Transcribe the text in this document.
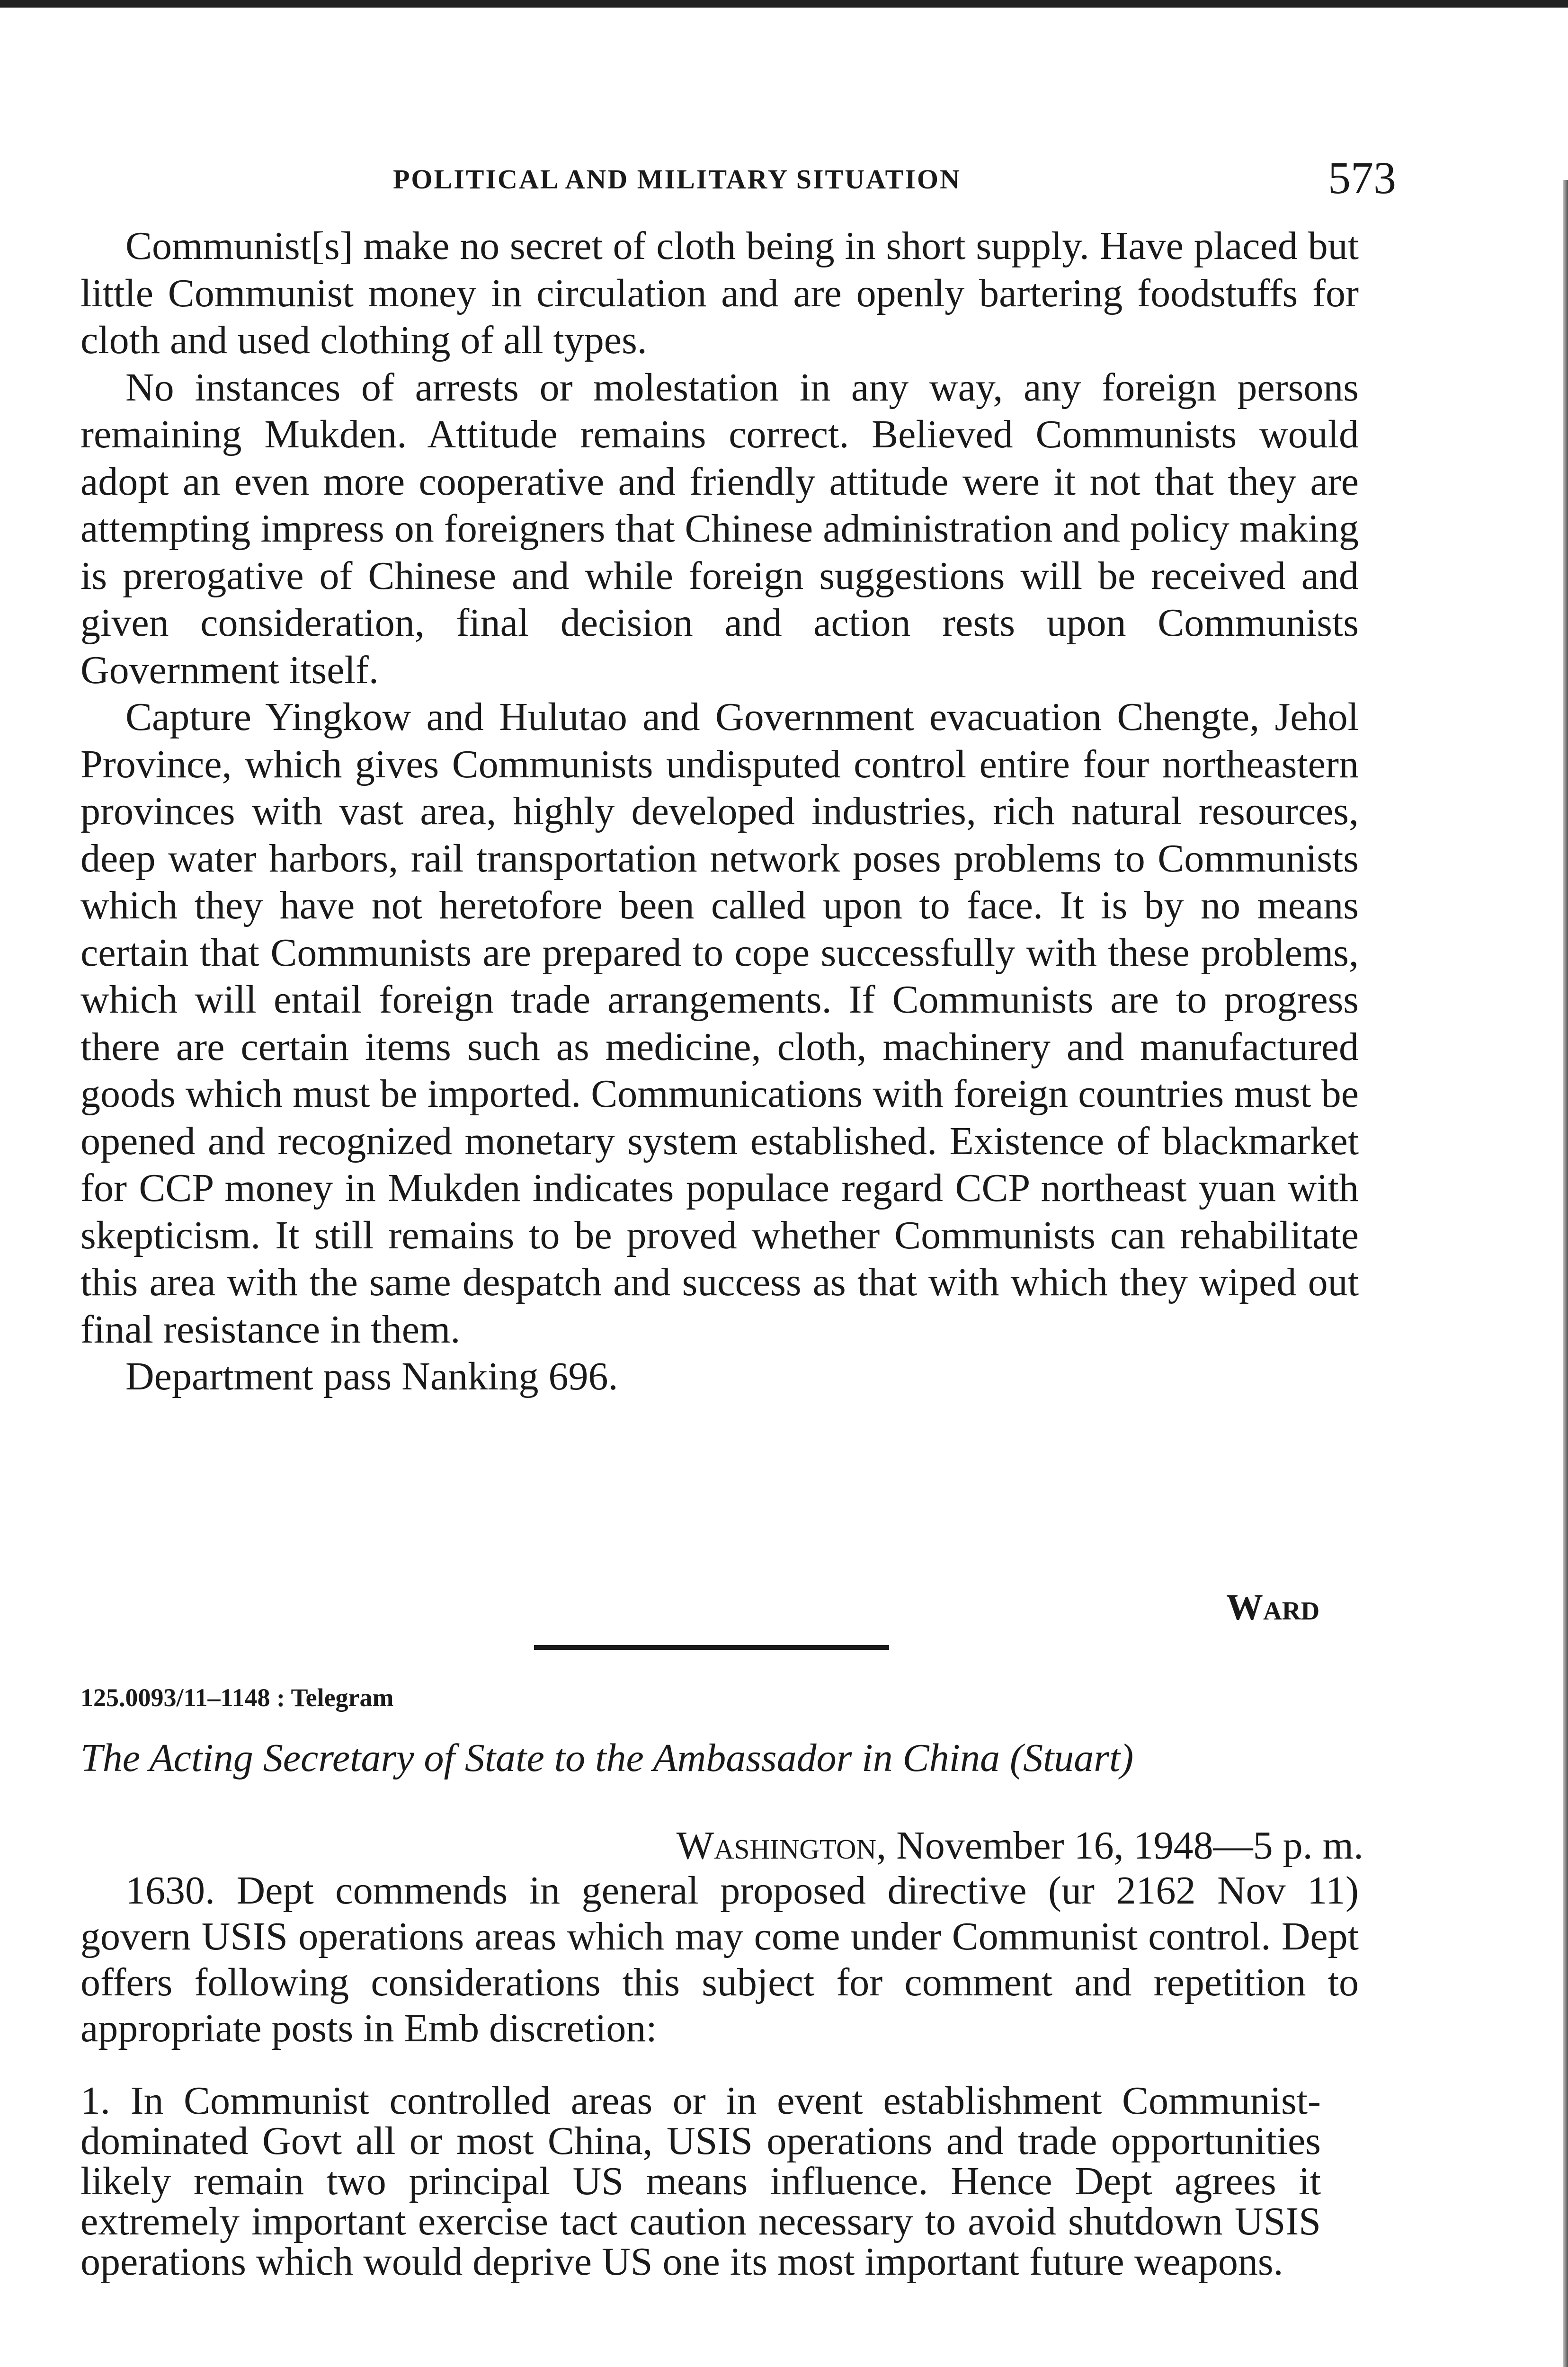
POLITICAL AND MILITARY SITUATION	573

Communist[s] make no secret of cloth being in short supply. Have placed but little Communist money in circulation and are openly bartering foodstuffs for cloth and used clothing of all types.

No instances of arrests or molestation in any way, any foreign persons remaining Mukden. Attitude remains correct. Believed Communists would adopt an even more cooperative and friendly attitude were it not that they are attempting impress on foreigners that Chinese administration and policy making is prerogative of Chinese and while foreign suggestions will be received and given consideration, final decision and action rests upon Communists Government itself.

Capture Yingkow and Hulutao and Government evacuation Chengte, Jehol Province, which gives Communists undisputed control entire four northeastern provinces with vast area, highly developed industries, rich natural resources, deep water harbors, rail transportation network poses problems to Communists which they have not heretofore been called upon to face. It is by no means certain that Communists are prepared to cope successfully with these problems, which will entail foreign trade arrangements. If Communists are to progress there are certain items such as medicine, cloth, machinery and manufactured goods which must be imported. Communications with foreign countries must be opened and recognized monetary system established. Existence of blackmarket for CCP money in Mukden indicates populace regard CCP northeast yuan with skepticism. It still remains to be proved whether Communists can rehabilitate this area with the same despatch and success as that with which they wiped out final resistance in them.

Department pass Nanking 696.

Ward
125.0093/11–1148 : Telegram
The Acting Secretary of State to the Ambassador in China (Stuart)
Washington, November 16, 1948—5 p. m.

1630. Dept commends in general proposed directive (ur 2162 Nov 11) govern USIS operations areas which may come under Communist control. Dept offers following considerations this subject for comment and repetition to appropriate posts in Emb discretion:

1. In Communist controlled areas or in event establishment Communist-dominated Govt all or most China, USIS operations and trade opportunities likely remain two principal US means influence. Hence Dept agrees it extremely important exercise tact caution necessary to avoid shutdown USIS operations which would deprive US one its most important future weapons.
